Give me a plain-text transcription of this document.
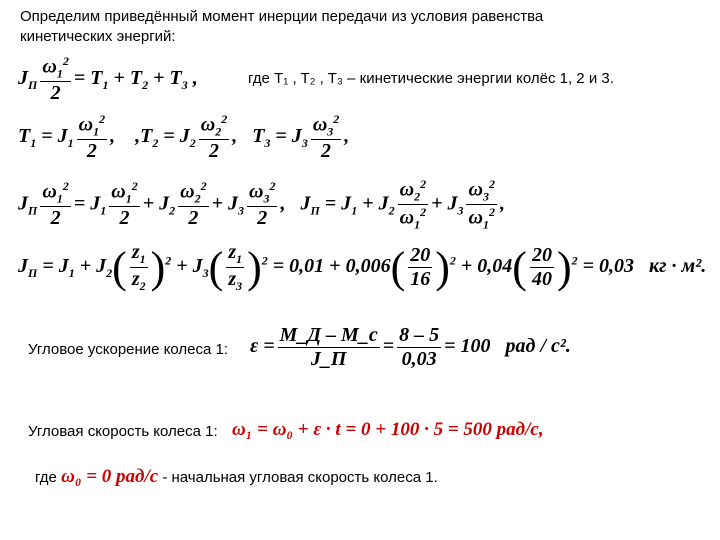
Определим приведённый момент инерции передачи из условия равенства
кинетических энергий:
$J_П \frac{\omega_1^2}{2} = T_1 + T_2 + T_3$ ,	где T₁ , T₂ , T₃ – кинетические энергии колёс 1, 2 и 3.
$T_1 = J_1 \frac{\omega_1^2}{2}$ ,    $,T_2 = J_2 \frac{\omega_2^2}{2}$ ,   $T_3 = J_3 \frac{\omega_3^2}{2}$ ,
$J_П \frac{\omega_1^2}{2} = J_1 \frac{\omega_1^2}{2} + J_2 \frac{\omega_2^2}{2} + J_3 \frac{\omega_3^2}{2}$ ,   $J_П = J_1 + J_2 \frac{\omega_2^2}{\omega_1^2} + J_3 \frac{\omega_3^2}{\omega_1^2}$ ,
$J_П = J_1 + J_2( \frac{z_1}{z_2} )^2 + J_3( \frac{z_1}{z_3} )^2 = 0,01 + 0,006( \frac{20}{16} )^2 + 0,04( \frac{20}{40} )^2 = 0,03$   кг · м².
Угловое ускорение колеса 1: $\varepsilon = \frac{M\_Д - M\_c}{J\_П} = \frac{8 - 5}{0,03} = 100$ рад / с².
Угловая скорость колеса 1: ω₁ = ω₀ + ε · t = 0 + 100 · 5 = 500 рад/с,
где ω₀ = 0 рад/с - начальная угловая скорость колеса 1.
